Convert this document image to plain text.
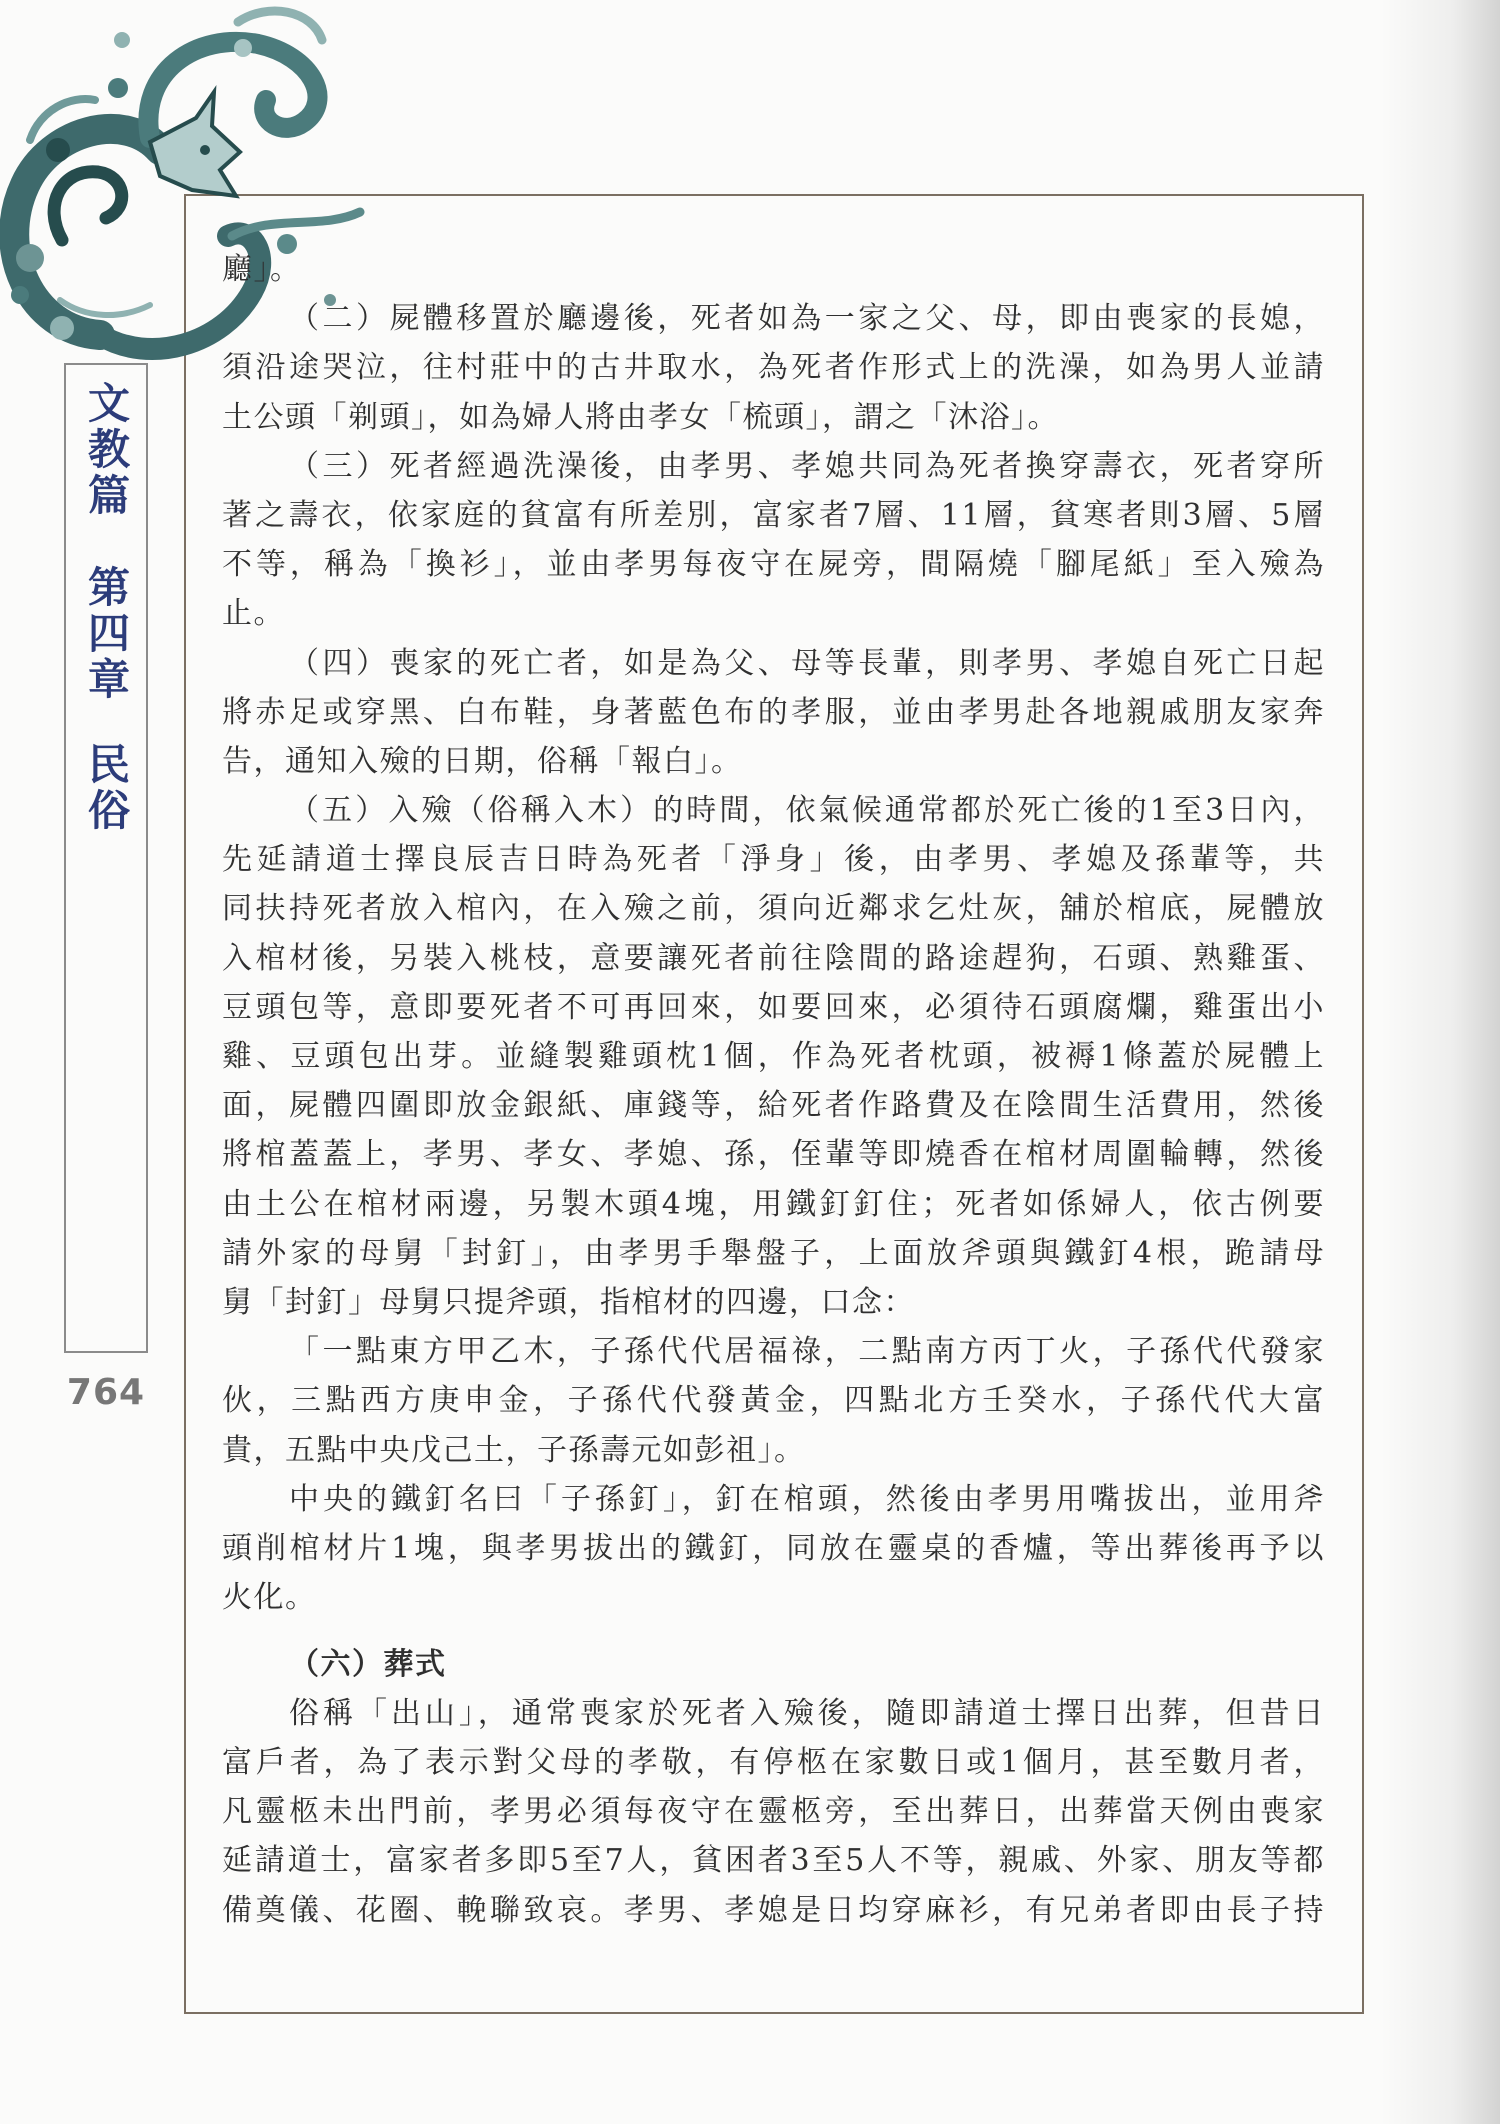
文教篇
第四章
民俗
764
廳」。
（二）屍體移置於廳邊後，死者如為一家之父、母，即由喪家的長媳，
須沿途哭泣，往村莊中的古井取水，為死者作形式上的洗澡，如為男人並請
土公頭「剃頭」，如為婦人將由孝女「梳頭」，謂之「沐浴」。
（三）死者經過洗澡後，由孝男、孝媳共同為死者換穿壽衣，死者穿所
著之壽衣，依家庭的貧富有所差別，富家者7層、11層，貧寒者則3層、5層
不等，稱為「換衫」，並由孝男每夜守在屍旁，間隔燒「腳尾紙」至入殮為
止。
（四）喪家的死亡者，如是為父、母等長輩，則孝男、孝媳自死亡日起
將赤足或穿黑、白布鞋，身著藍色布的孝服，並由孝男赴各地親戚朋友家奔
告，通知入殮的日期，俗稱「報白」。
（五）入殮（俗稱入木）的時間，依氣候通常都於死亡後的1至3日內，
先延請道士擇良辰吉日時為死者「淨身」後，由孝男、孝媳及孫輩等，共
同扶持死者放入棺內，在入殮之前，須向近鄰求乞灶灰，舖於棺底，屍體放
入棺材後，另裝入桃枝，意要讓死者前往陰間的路途趕狗，石頭、熟雞蛋、
豆頭包等，意即要死者不可再回來，如要回來，必須待石頭腐爛，雞蛋出小
雞、豆頭包出芽。並縫製雞頭枕1個，作為死者枕頭，被褥1條蓋於屍體上
面，屍體四圍即放金銀紙、庫錢等，給死者作路費及在陰間生活費用，然後
將棺蓋蓋上，孝男、孝女、孝媳、孫，侄輩等即燒香在棺材周圍輪轉，然後
由土公在棺材兩邊，另製木頭4塊，用鐵釘釘住；死者如係婦人，依古例要
請外家的母舅「封釘」，由孝男手舉盤子，上面放斧頭與鐵釘4根，跪請母
舅「封釘」母舅只提斧頭，指棺材的四邊，口念：
「一點東方甲乙木，子孫代代居福祿，二點南方丙丁火，子孫代代發家
伙，三點西方庚申金，子孫代代發黃金，四點北方壬癸水，子孫代代大富
貴，五點中央戊己土，子孫壽元如彭祖」。
中央的鐵釘名曰「子孫釘」，釘在棺頭，然後由孝男用嘴拔出，並用斧
頭削棺材片1塊，與孝男拔出的鐵釘，同放在靈桌的香爐，等出葬後再予以
火化。
（六）葬式
俗稱「出山」，通常喪家於死者入殮後，隨即請道士擇日出葬，但昔日
富戶者，為了表示對父母的孝敬，有停柩在家數日或1個月，甚至數月者，
凡靈柩未出門前，孝男必須每夜守在靈柩旁，至出葬日，出葬當天例由喪家
延請道士，富家者多即5至7人，貧困者3至5人不等，親戚、外家、朋友等都
備奠儀、花圈、輓聯致哀。孝男、孝媳是日均穿麻衫，有兄弟者即由長子持
